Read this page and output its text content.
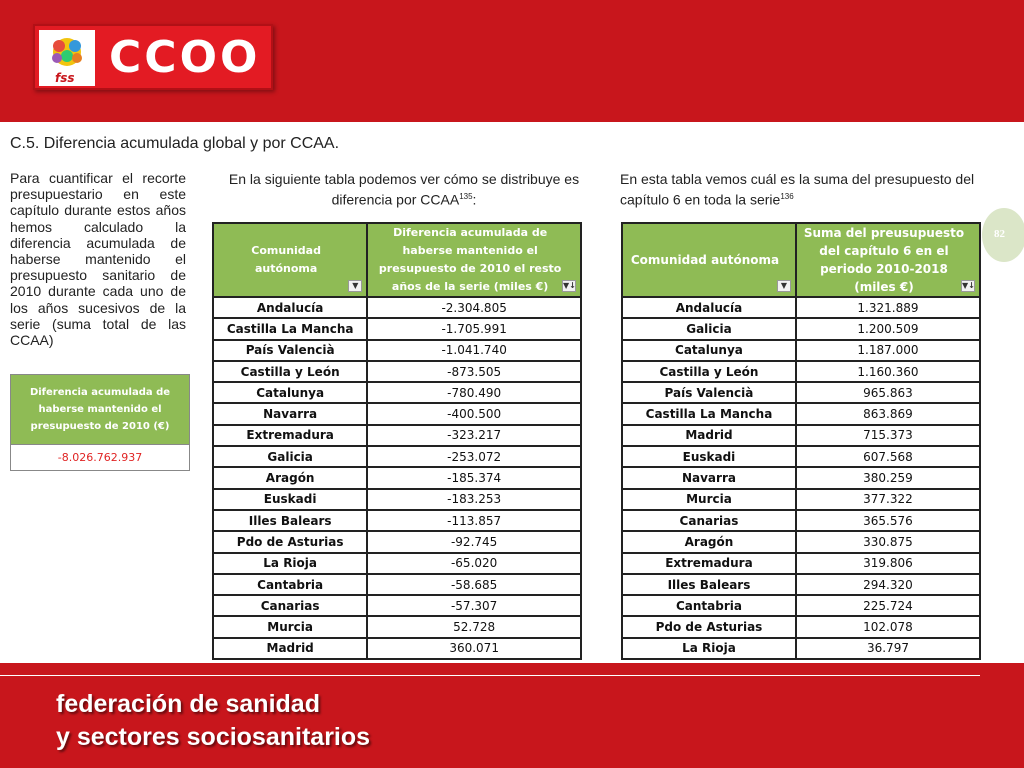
fss CCOO
C.5. Diferencia acumulada global y por CCAA.
Para cuantificar el recorte presupuestario en este capítulo durante estos años hemos calculado la diferencia acumulada de haberse mantenido el presupuesto sanitario de 2010 durante cada uno de los años sucesivos de la serie (suma total de las CCAA)
En la siguiente tabla podemos ver cómo se distribuye es diferencia por CCAA$^{135}$:
En esta tabla vemos cuál es la suma del presupuesto del capítulo 6 en toda la serie$^{136}$
82
Diferencia acumulada de haberse mantenido el presupuesto de 2010 (€)
-8.026.762.937
Comunidad autónoma
▼	Diferencia acumulada de haberse mantenido el presupuesto de 2010 el resto años de la serie (miles €) ▼↓

Andalucía	-2.304.805
Castilla La Mancha	-1.705.991
País Valencià	-1.041.740
Castilla y León	-873.505
Catalunya	-780.490
Navarra	-400.500
Extremadura	-323.217
Galicia	-253.072
Aragón	-185.374
Euskadi	-183.253
Illes Balears	-113.857
Pdo de Asturias	-92.745
La Rioja	-65.020
Cantabria	-58.685
Canarias	-57.307
Murcia	52.728
Madrid	360.071
Comunidad autónoma
▼	Suma del preusupuesto del capítulo 6 en el periodo 2010-2018 (miles €) ▼↓

Andalucía	1.321.889
Galicia	1.200.509
Catalunya	1.187.000
Castilla y León	1.160.360
País Valencià	965.863
Castilla La Mancha	863.869
Madrid	715.373
Euskadi	607.568
Navarra	380.259
Murcia	377.322
Canarias	365.576
Aragón	330.875
Extremadura	319.806
Illes Balears	294.320
Cantabria	225.724
Pdo de Asturias	102.078
La Rioja	36.797
federación de sanidad
y sectores sociosanitarios
